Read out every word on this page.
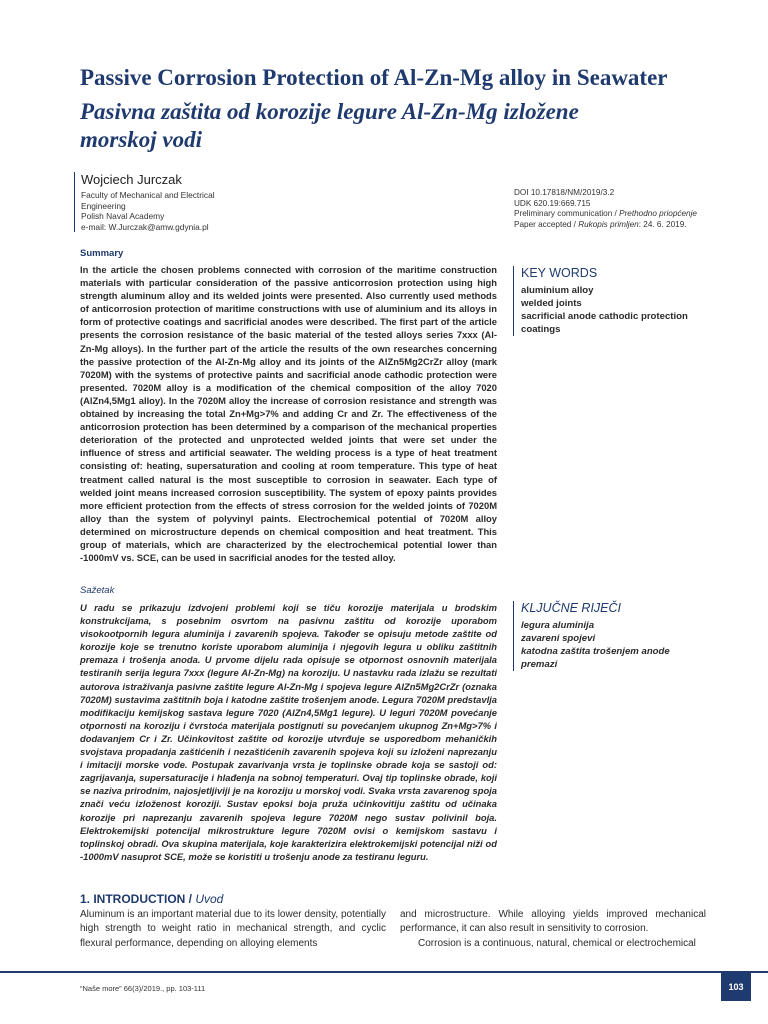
Passive Corrosion Protection of Al-Zn-Mg alloy in Seawater
Pasivna zaštita od korozije legure Al-Zn-Mg izložene morskoj vodi
Wojciech Jurczak
Faculty of Mechanical and Electrical
Engineering
Polish Naval Academy
e-mail: W.Jurczak@amw.gdynia.pl
DOI 10.17818/NM/2019/3.2
UDK 620.19:669.715
Preliminary communication / Prethodno priopćenje
Paper accepted / Rukopis primljen: 24. 6. 2019.
Summary
In the article the chosen problems connected with corrosion of the maritime construction materials with particular consideration of the passive anticorrosion protection using high strength aluminum alloy and its welded joints were presented. Also currently used methods of anticorrosion protection of maritime constructions with use of aluminium and its alloys in form of protective coatings and sacrificial anodes were described. The first part of the article presents the corrosion resistance of the basic material of the tested alloys series 7xxx (Al-Zn-Mg alloys). In the further part of the article the results of the own researches concerning the passive protection of the Al-Zn-Mg alloy and its joints of the AlZn5Mg2CrZr alloy (mark 7020M) with the systems of protective paints and sacrificial anode cathodic protection were presented. 7020M alloy is a modification of the chemical composition of the alloy 7020 (AlZn4,5Mg1 alloy). In the 7020M alloy the increase of corrosion resistance and strength was obtained by increasing the total Zn+Mg>7% and adding Cr and Zr. The effectiveness of the anticorrosion protection has been determined by a comparison of the mechanical properties deterioration of the protected and unprotected welded joints that were set under the influence of stress and artificial seawater. The welding process is a type of heat treatment consisting of: heating, supersaturation and cooling at room temperature. This type of heat treatment called natural is the most susceptible to corrosion in seawater. Each type of welded joint means increased corrosion susceptibility. The system of epoxy paints provides more efficient protection from the effects of stress corrosion for the welded joints of 7020M alloy than the system of polyvinyl paints. Electrochemical potential of 7020M alloy determined on microstructure depends on chemical composition and heat treatment. This group of materials, which are characterized by the electrochemical potential lower than -1000mV vs. SCE, can be used in sacrificial anodes for the tested alloy.
KEY WORDS
aluminium alloy
welded joints
sacrificial anode cathodic protection
coatings
Sažetak
U radu se prikazuju izdvojeni problemi koji se tiču korozije materijala u brodskim konstrukcijama, s posebnim osvrtom na pasivnu zaštitu od korozije uporabom visokootpornih legura aluminija i zavarenih spojeva. Također se opisuju metode zaštite od korozije koje se trenutno koriste uporabom aluminija i njegovih legura u obliku zaštitnih premaza i trošenja anoda. U prvome dijelu rada opisuje se otpornost osnovnih materijala testiranih serija legura 7xxx (legure Al-Zn-Mg) na koroziju. U nastavku rada izlažu se rezultati autorova istraživanja pasivne zaštite legure Al-Zn-Mg i spojeva legure AlZn5Mg2CrZr (oznaka 7020M) sustavima zaštitnih boja i katodne zaštite trošenjem anode. Legura 7020M predstavlja modifikaciju kemijskog sastava legure 7020 (AlZn4,5Mg1 legure). U leguri 7020M povećanje otpornosti na koroziju i čvrstoća materijala postignuti su povećanjem ukupnog Zn+Mg>7% i dodavanjem Cr i Zr. Učinkovitost zaštite od korozije utvrđuje se usporedbom mehaničkih svojstava propadanja zaštićenih i nezaštićenih zavarenih spojeva koji su izloženi naprezanju i imitaciji morske vode. Postupak zavarivanja vrsta je toplinske obrade koja se sastoji od: zagrijavanja, supersaturacije i hlađenja na sobnoj temperaturi. Ovaj tip toplinske obrade, koji se naziva prirodnim, najosjetljiviji je na koroziju u morskoj vodi. Svaka vrsta zavarenog spoja znači veću izloženost koroziji. Sustav epoksi boja pruža učinkovitiju zaštitu od učinaka korozije pri naprezanju zavarenih spojeva legure 7020M nego sustav polivinil boja. Elektrokemijski potencijal mikrostrukture legure 7020M ovisi o kemijskom sastavu i toplinskoj obradi. Ova skupina materijala, koje karakterizira elektrokemijski potencijal niži od -1000mV nasuprot SCE, može se koristiti u trošenju anode za testiranu leguru.
KLJUČNE RIJEČI
legura aluminija
zavareni spojevi
katodna zaštita trošenjem anode
premazi
1. INTRODUCTION / Uvod
Aluminum is an important material due to its lower density, potentially high strength to weight ratio in mechanical strength, and cyclic flexural performance, depending on alloying elements
and microstructure. While alloying yields improved mechanical performance, it can also result in sensitivity to corrosion.
Corrosion is a continuous, natural, chemical or electrochemical
“Naše more” 66(3)/2019., pp. 103-111	103
